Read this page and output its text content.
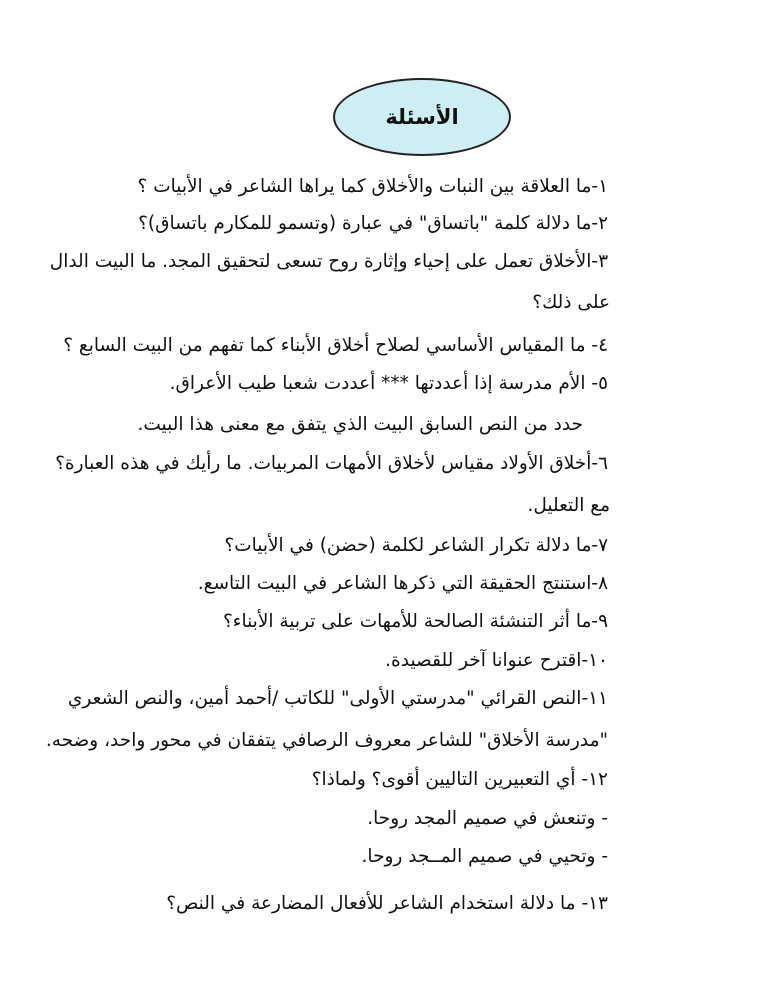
الأسئلة
١-ما العلاقة بين النبات والأخلاق كما يراها الشاعر في الأبيات ؟
٢-ما دلالة كلمة "باتساق" في عبارة (وتسمو للمكارم باتساق)؟
٣-الأخلاق تعمل على إحياء وإثارة روح تسعى لتحقيق المجد. ما البيت الدال
على ذلك؟
٤- ما المقياس الأساسي لصلاح أخلاق الأبناء كما تفهم من البيت السابع ؟
٥- الأم مدرسة إذا أعددتها *** أعددت شعبا طيب الأعراق.
حدد من النص السابق البيت الذي يتفق مع معنى هذا البيت.
٦-أخلاق الأولاد مقياس لأخلاق الأمهات المربيات. ما رأيك في هذه العبارة؟
مع التعليل.
٧-ما دلالة تكرار الشاعر لكلمة (حضن) في الأبيات؟
٨-استنتج الحقيقة التي ذكرها الشاعر في البيت التاسع.
٩-ما أثر التنشئة الصالحة للأمهات على تربية الأبناء؟
١٠-اقترح عنوانا آخر للقصيدة.
١١-النص القرائي "مدرستي الأولى" للكاتب /أحمد أمين، والنص الشعري
"مدرسة الأخلاق" للشاعر معروف الرصافي يتفقان في محور واحد، وضحه.
١٢- أي التعبيرين التاليين أقوى؟ ولماذا؟
- وتنعش في صميم المجد روحا.
- وتحيي في صميم المــجد روحا.
١٣- ما دلالة استخدام الشاعر للأفعال المضارعة في النص؟
